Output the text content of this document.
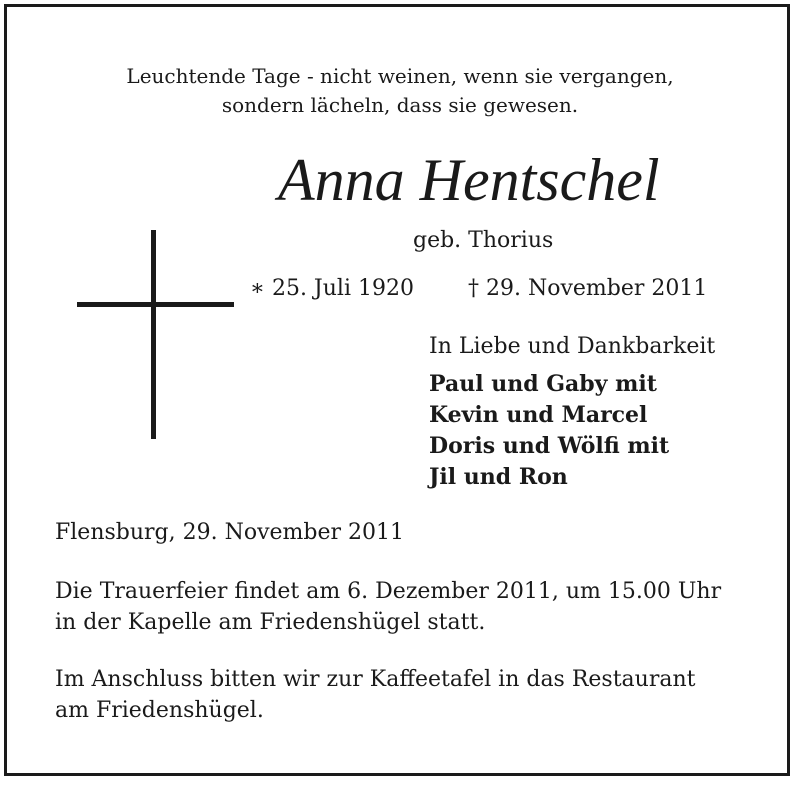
Leuchtende Tage - nicht weinen, wenn sie vergangen,
sondern lächeln, dass sie gewesen.
Anna Hentschel
geb. Thorius
∗ 25. Juli 1920 † 29. November 2011
In Liebe und Dankbarkeit
Paul und Gaby mit
Kevin und Marcel
Doris und Wölfi mit
Jil und Ron
Flensburg, 29. November 2011
Die Trauerfeier findet am 6. Dezember 2011, um 15.00 Uhr
in der Kapelle am Friedenshügel statt.
Im Anschluss bitten wir zur Kaffeetafel in das Restaurant
am Friedenshügel.
